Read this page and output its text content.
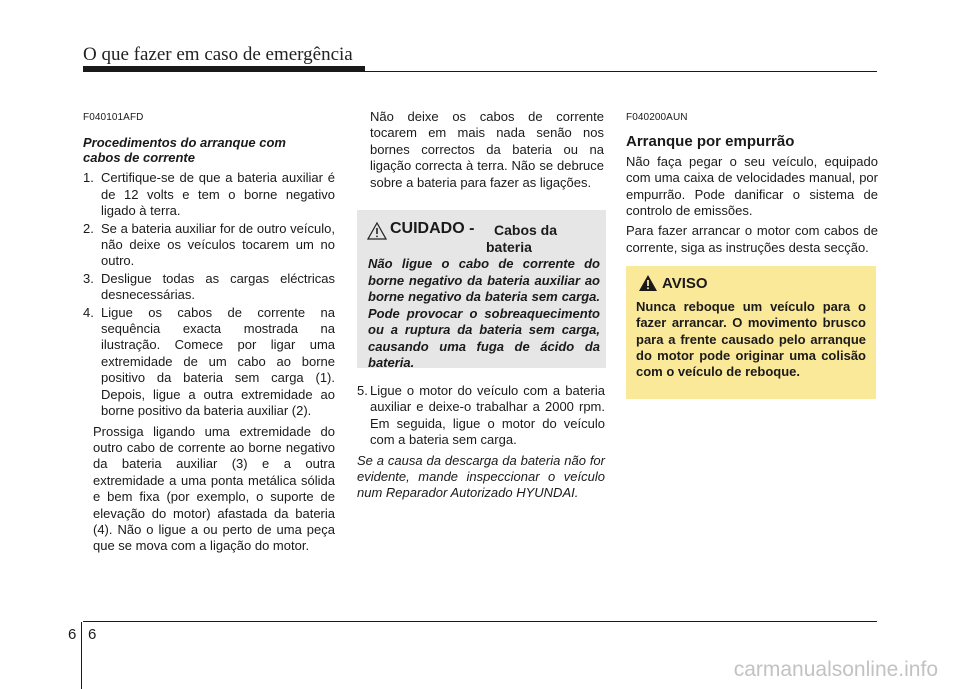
O que fazer em caso de emergência
F040101AFD
Procedimentos do arranque com
cabos de corrente
1. Certifique-se de que a bateria auxiliar é de 12 volts e tem o borne negativo ligado à terra.
2. Se a bateria auxiliar for de outro veículo, não deixe os veículos tocarem um no outro.
3. Desligue todas as cargas eléctricas desnecessárias.
4. Ligue os cabos de corrente na sequência exacta mostrada na ilustração. Comece por ligar uma extremidade de um cabo ao borne positivo da bateria sem carga (1). Depois, ligue a outra extremidade ao borne positivo da bateria auxiliar (2).

Prossiga ligando uma extremidade do outro cabo de corrente ao borne negativo da bateria auxiliar (3) e a outra extremidade a uma ponta metálica sólida e bem fixa (por exemplo, o suporte de elevação do motor) afastada da bateria (4). Não o ligue a ou perto de uma peça que se mova com a ligação do motor.

Não deixe os cabos de corrente tocarem em mais nada senão nos bornes correctos da bateria ou na ligação correcta à terra. Não se debruce sobre a bateria para fazer as ligações.
CUIDADO - Cabos da
bateria
Não ligue o cabo de corrente do borne negativo da bateria auxiliar ao borne negativo da bateria sem carga. Pode provocar o sobreaquecimento ou a ruptura da bateria sem carga, causando uma fuga de ácido da bateria.
5. Ligue o motor do veículo com a bateria auxiliar e deixe-o trabalhar a 2000 rpm. Em seguida, ligue o motor do veículo com a bateria sem carga.

Se a causa da descarga da bateria não for evidente, mande inspeccionar o veículo num Reparador Autorizado HYUNDAI.

F040200AUN
Arranque por empurrão

Não faça pegar o seu veículo, equipado com uma caixa de velocidades manual, por empurrão. Pode danificar o sistema de controlo de emissões.

Para fazer arrancar o motor com cabos de corrente, siga as instruções desta secção.

AVISO
Nunca reboque um veículo para o fazer arrancar. O movimento brusco para a frente causado pelo arranque do motor pode originar uma colisão com o veículo de reboque.
6 6
carmanualsonline.info
